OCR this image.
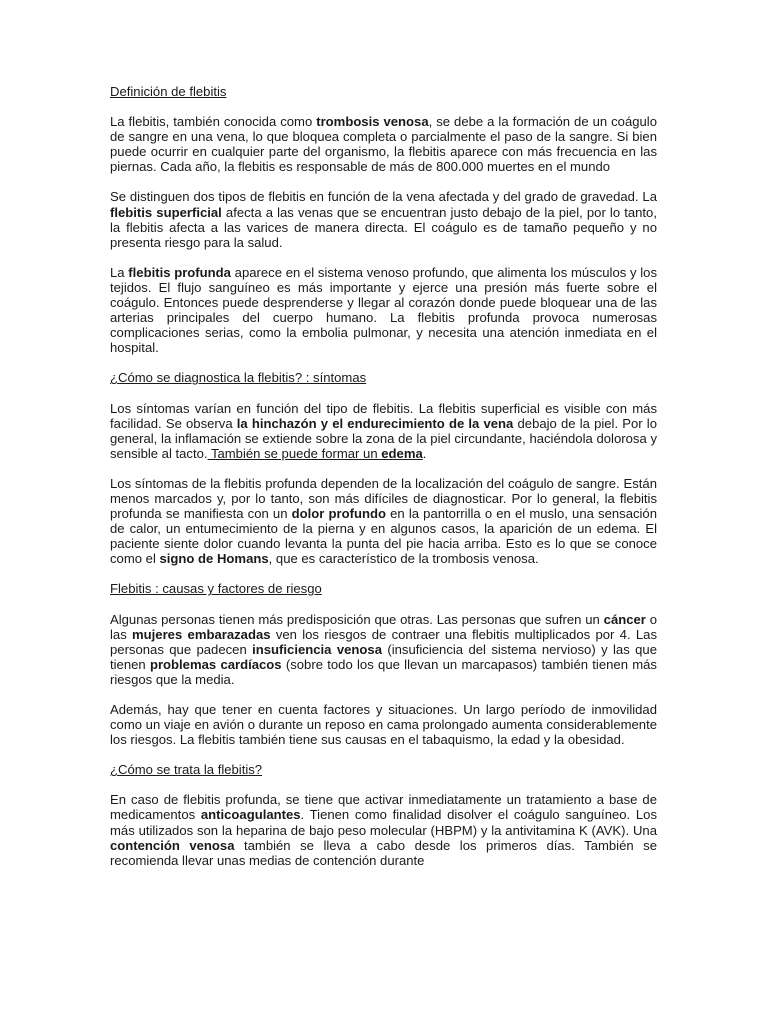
Definición de flebitis
La flebitis, también conocida como trombosis venosa, se debe a la formación de un coágulo de sangre en una vena, lo que bloquea completa o parcialmente el paso de la sangre. Si bien puede ocurrir en cualquier parte del organismo, la flebitis aparece con más frecuencia en las piernas. Cada año, la flebitis es responsable de más de 800.000 muertes en el mundo
Se distinguen dos tipos de flebitis en función de la vena afectada y del grado de gravedad. La flebitis superficial afecta a las venas que se encuentran justo debajo de la piel, por lo tanto, la flebitis afecta a las varices de manera directa. El coágulo es de tamaño pequeño y no presenta riesgo para la salud.
La flebitis profunda aparece en el sistema venoso profundo, que alimenta los músculos y los tejidos. El flujo sanguíneo es más importante y ejerce una presión más fuerte sobre el coágulo. Entonces puede desprenderse y llegar al corazón donde puede bloquear una de las arterias principales del cuerpo humano. La flebitis profunda provoca numerosas complicaciones serias, como la embolia pulmonar, y necesita una atención inmediata en el hospital.
¿Cómo se diagnostica la flebitis? : síntomas
Los síntomas varían en función del tipo de flebitis. La flebitis superficial es visible con más facilidad. Se observa la hinchazón y el endurecimiento de la vena debajo de la piel. Por lo general, la inflamación se extiende sobre la zona de la piel circundante, haciéndola dolorosa y sensible al tacto. También se puede formar un edema.
Los síntomas de la flebitis profunda dependen de la localización del coágulo de sangre. Están menos marcados y, por lo tanto, son más difíciles de diagnosticar. Por lo general, la flebitis profunda se manifiesta con un dolor profundo en la pantorrilla o en el muslo, una sensación de calor, un entumecimiento de la pierna y en algunos casos, la aparición de un edema. El paciente siente dolor cuando levanta la punta del pie hacia arriba. Esto es lo que se conoce como el signo de Homans, que es característico de la trombosis venosa.
Flebitis : causas y factores de riesgo
Algunas personas tienen más predisposición que otras. Las personas que sufren un cáncer o las mujeres embarazadas ven los riesgos de contraer una flebitis multiplicados por 4. Las personas que padecen insuficiencia venosa (insuficiencia del sistema nervioso) y las que tienen problemas cardíacos (sobre todo los que llevan un marcapasos) también tienen más riesgos que la media.
Además, hay que tener en cuenta factores y situaciones. Un largo período de inmovilidad como un viaje en avión o durante un reposo en cama prolongado aumenta considerablemente los riesgos. La flebitis también tiene sus causas en el tabaquismo, la edad y la obesidad.
¿Cómo se trata la flebitis?
En caso de flebitis profunda, se tiene que activar inmediatamente un tratamiento a base de medicamentos anticoagulantes. Tienen como finalidad disolver el coágulo sanguíneo. Los más utilizados son la heparina de bajo peso molecular (HBPM) y la antivitamina K (AVK). Una contención venosa también se lleva a cabo desde los primeros días. También se recomienda llevar unas medias de contención durante
